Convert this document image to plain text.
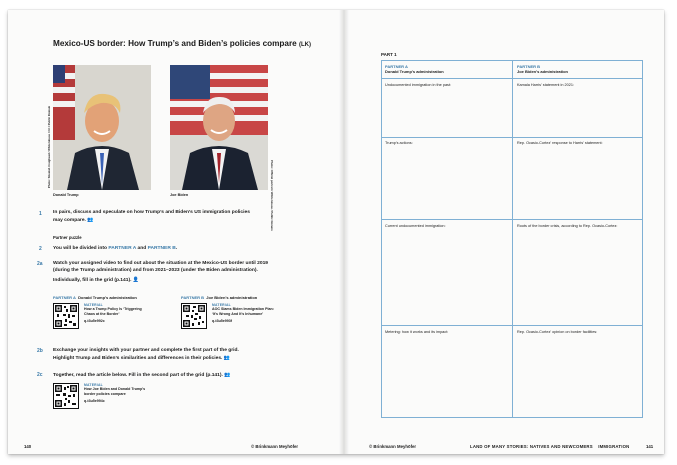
Mexico-US border: How Trump’s and Biden’s policies compare (LK)
Photo: Shealah Craighead / White House / CC / Public Domain
Donald Trump	Photo: Official portrait / White House / Public Domain
Joe Biden
1 In pairs, discuss and speculate on how Trump’s and Biden’s US immigration policies
may compare. 👥
Partner puzzle
2 You will be divided into PARTNER A and PARTNER B.
2a Watch your assigned video to find out about the situation at the Mexico-US border until 2019
(during the Trump administration) and from 2021–2023 (under the Biden administration).
Individually, fill in the grid (p.141). 👤
PARTNER A Donald Trump’s administration
MATERIAL
How a Trump Policy Is ‘Triggering
Chaos at the Border’
q-t3u5e992c
PARTNER B Joe Biden’s administration
MATERIAL
AOC Slams Biden Immigration Plan:
‘It’s Wrong And It’s Inhumane’
q-t3u5e993f
2b Exchange your insights with your partner and complete the first part of the grid.
Highlight Trump and Biden’s similarities and differences in their policies. 👥
2c Together, read the article below. Fill in the second part of the grid (p.141). 👥
MATERIAL
How Joe Biden and Donald Trump’s
border policies compare
q-t3u5e994c
140	© Brinkmann Meyhöfer
PART 1
PARTNER A
Donald Trump’s administration
PARTNER B
Joe Biden’s administration
Undocumented immigration in the past:	Kamala Harris’ statement in 2021:
Trump’s actions:	Rep. Ocasio-Cortez’ response to Harris’ statement:
Current undocumented immigration:	Roots of the border crisis, according to Rep. Ocasio-Cortez:
Metering: how it works and its impact:	Rep. Ocasio-Cortez’ opinion on border facilities:
© Brinkmann Meyhöfer	LAND OF MANY STORIES: NATIVES AND NEWCOMERS IMMIGRATION	141
